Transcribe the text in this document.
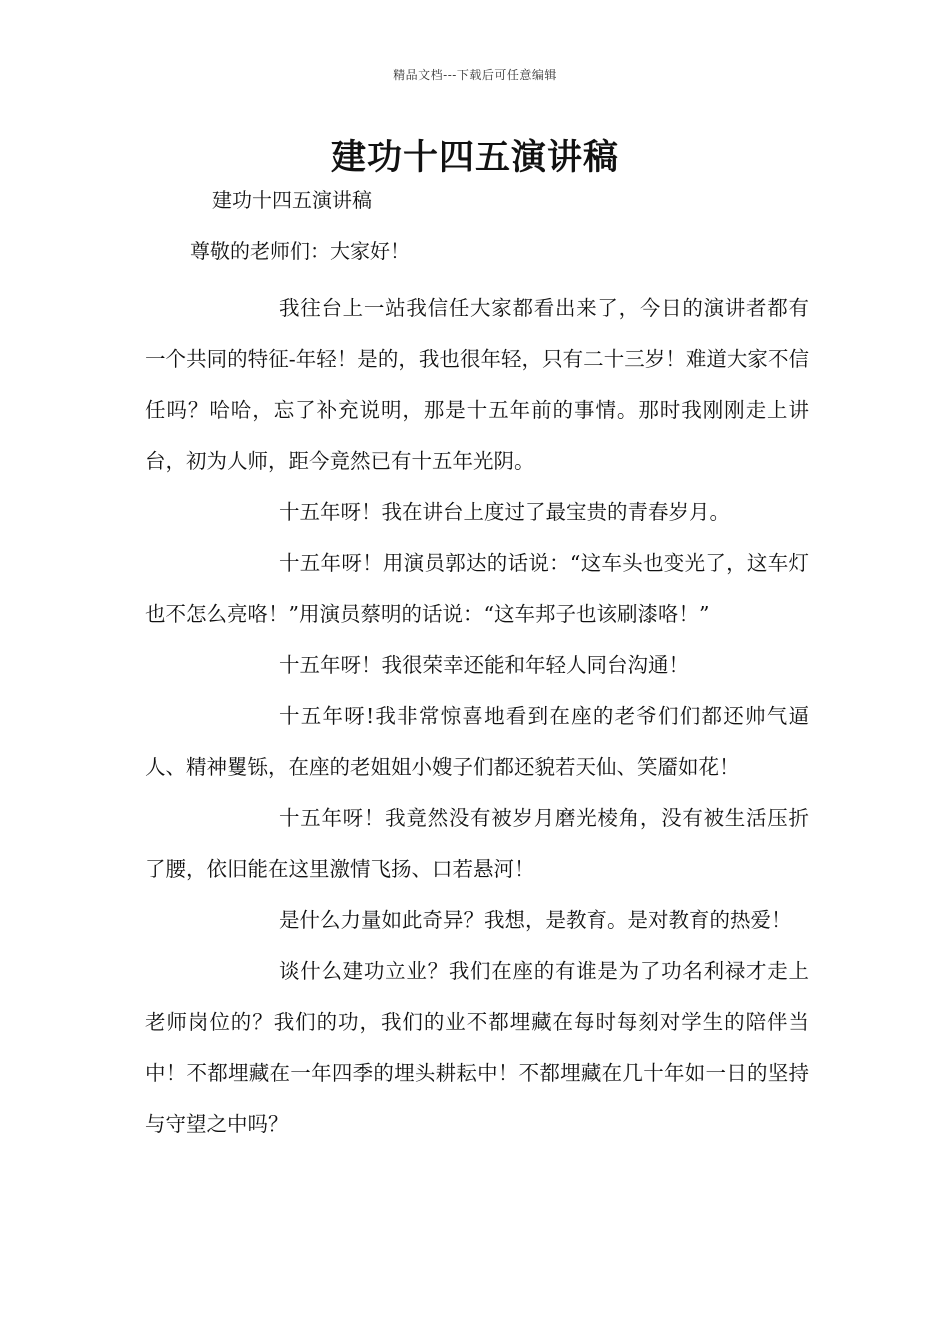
精品文档---下载后可任意编辑
建功十四五演讲稿
建功十四五演讲稿
尊敬的老师们：大家好！

我往台上一站我信任大家都看出来了，今日的演讲者都有一个共同的特征-年轻！是的，我也很年轻，只有二十三岁！难道大家不信任吗？哈哈，忘了补充说明，那是十五年前的事情。那时我刚刚走上讲台，初为人师，距今竟然已有十五年光阴。

十五年呀！我在讲台上度过了最宝贵的青春岁月。

十五年呀！用演员郭达的话说：“这车头也变光了，这车灯也不怎么亮咯！”用演员蔡明的话说：“这车邦子也该刷漆咯！”

十五年呀！我很荣幸还能和年轻人同台沟通！

十五年呀!我非常惊喜地看到在座的老爷们们都还帅气逼人、精神矍铄，在座的老姐姐小嫂子们都还貌若天仙、笑靥如花！

十五年呀！我竟然没有被岁月磨光棱角，没有被生活压折了腰，依旧能在这里激情飞扬、口若悬河！

是什么力量如此奇异？我想，是教育。是对教育的热爱！

谈什么建功立业？我们在座的有谁是为了功名利禄才走上老师岗位的？我们的功，我们的业不都埋藏在每时每刻对学生的陪伴当中！不都埋藏在一年四季的埋头耕耘中！不都埋藏在几十年如一日的坚持与守望之中吗？
